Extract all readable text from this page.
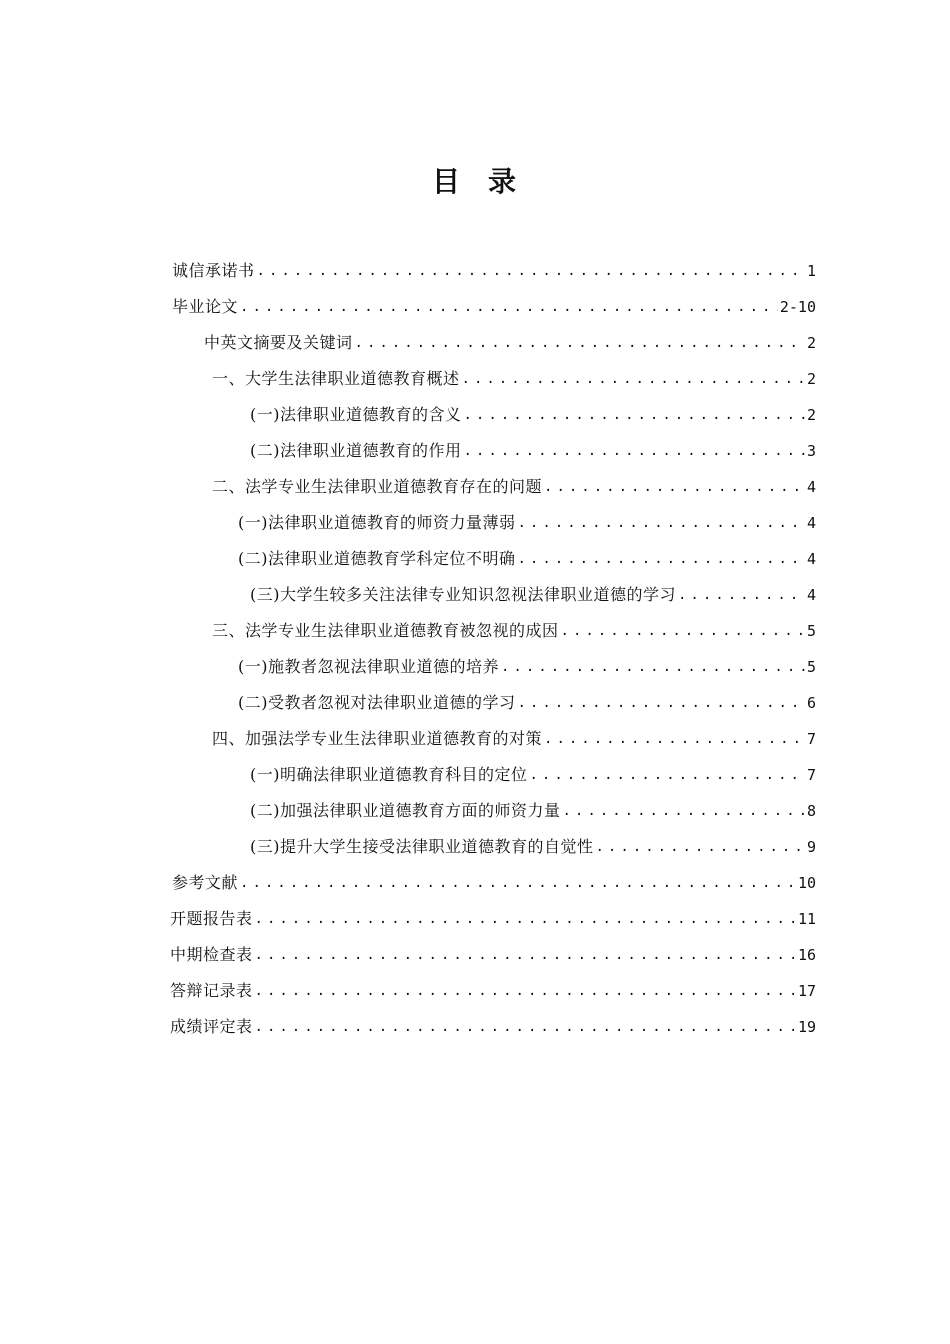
目 录
诚信承诺书 .....	1
毕业论文 .....	2-10
中英文摘要及关键词 .....	2
一、大学生法律职业道德教育概述 .....	2
(一)法律职业道德教育的含义 .....	2
(二)法律职业道德教育的作用 .....	3
二、法学专业生法律职业道德教育存在的问题 .....	4
(一)法律职业道德教育的师资力量薄弱 .....	4
(二)法律职业道德教育学科定位不明确 .....	4
(三)大学生较多关注法律专业知识忽视法律职业道德的学习 .....	4
三、法学专业生法律职业道德教育被忽视的成因 .....	5
(一)施教者忽视法律职业道德的培养 .....	5
(二)受教者忽视对法律职业道德的学习 .....	6
四、加强法学专业生法律职业道德教育的对策 .....	7
(一)明确法律职业道德教育科目的定位 .....	7
(二)加强法律职业道德教育方面的师资力量 .....	8
(三)提升大学生接受法律职业道德教育的自觉性 .....	9
参考文献 .....	10
开题报告表 .....	11
中期检查表 .....	16
答辩记录表 .....	17
成绩评定表 .....	19
